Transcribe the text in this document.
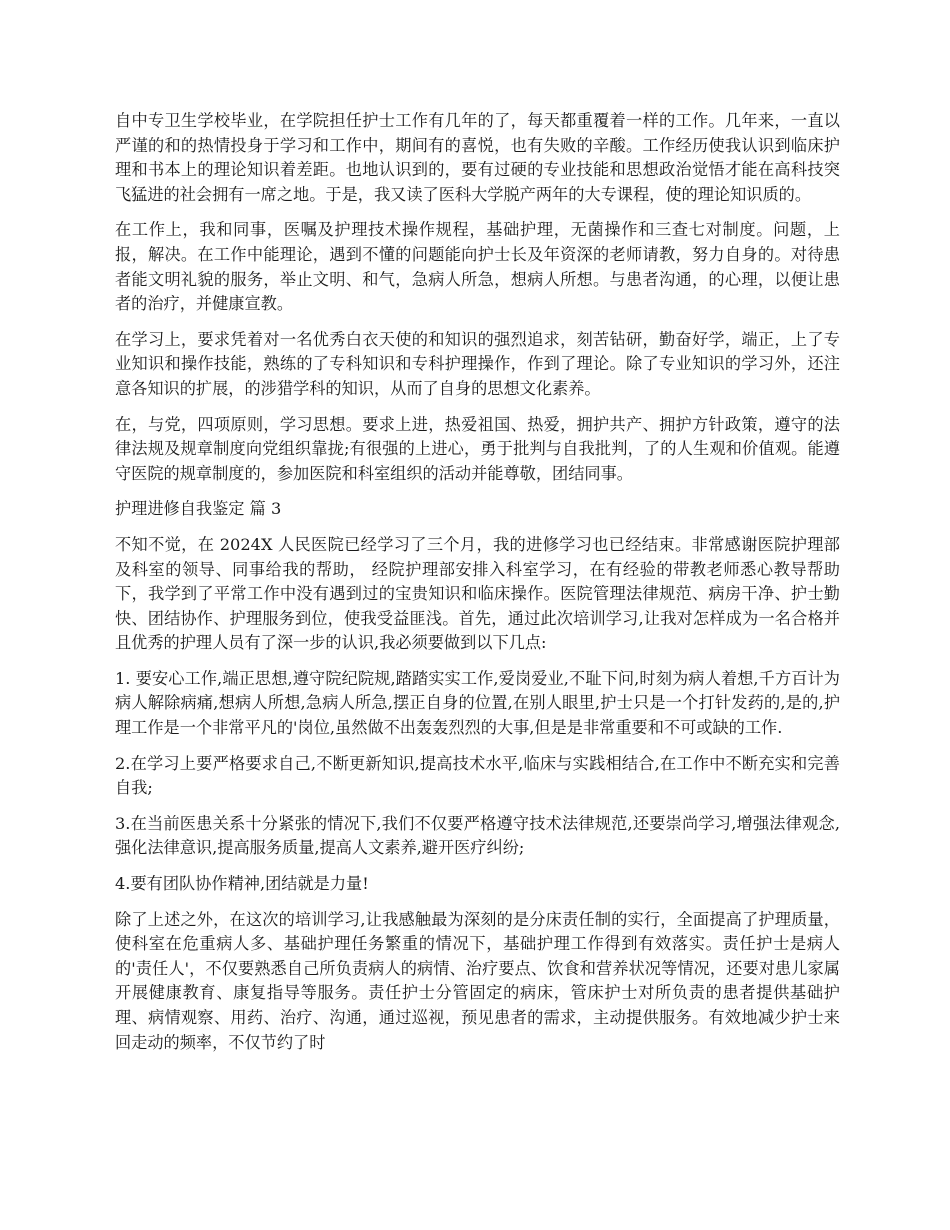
自中专卫生学校毕业，在学院担任护士工作有几年的了，每天都重覆着一样的工作。几年来，一直以严谨的和的热情投身于学习和工作中，期间有的喜悦，也有失败的辛酸。工作经历使我认识到临床护理和书本上的理论知识着差距。也地认识到的，要有过硬的专业技能和思想政治觉悟才能在高科技突飞猛进的社会拥有一席之地。于是，我又读了医科大学脱产两年的大专课程，使的理论知识质的。

在工作上，我和同事，医嘱及护理技术操作规程，基础护理，无菌操作和三查七对制度。问题，上报，解决。在工作中能理论，遇到不懂的问题能向护士长及年资深的老师请教，努力自身的。对待患者能文明礼貌的服务，举止文明、和气，急病人所急，想病人所想。与患者沟通，的心理，以便让患者的治疗，并健康宣教。

在学习上，要求凭着对一名优秀白衣天使的和知识的强烈追求，刻苦钻研，勤奋好学，端正，上了专业知识和操作技能，熟练的了专科知识和专科护理操作，作到了理论。除了专业知识的学习外，还注意各知识的扩展，的涉猎学科的知识，从而了自身的思想文化素养。

在，与党，四项原则，学习思想。要求上进，热爱祖国、热爱，拥护共产、拥护方针政策，遵守的法律法规及规章制度向党组织靠拢;有很强的上进心，勇于批判与自我批判，了的人生观和价值观。能遵守医院的规章制度的，参加医院和科室组织的活动并能尊敬，团结同事。

护理进修自我鉴定 篇 3

不知不觉，在 2024X 人民医院已经学习了三个月，我的进修学习也已经结束。非常感谢医院护理部及科室的领导、同事给我的帮助， 经院护理部安排入科室学习，在有经验的带教老师悉心教导帮助下，我学到了平常工作中没有遇到过的宝贵知识和临床操作。医院管理法律规范、病房干净、护士勤快、团结协作、护理服务到位，使我受益匪浅。首先，通过此次培训学习,让我对怎样成为一名合格并且优秀的护理人员有了深一步的认识,我必须要做到以下几点:

1. 要安心工作,端正思想,遵守院纪院规,踏踏实实工作,爱岗爱业,不耻下问,时刻为病人着想,千方百计为病人解除病痛,想病人所想,急病人所急,摆正自身的位置,在别人眼里,护士只是一个打针发药的,是的,护理工作是一个非常平凡的'岗位,虽然做不出轰轰烈烈的大事,但是是非常重要和不可或缺的工作.

2.在学习上要严格要求自己,不断更新知识,提高技术水平,临床与实践相结合,在工作中不断充实和完善自我;

3.在当前医患关系十分紧张的情况下,我们不仅要严格遵守技术法律规范,还要崇尚学习,增强法律观念,强化法律意识,提高服务质量,提高人文素养,避开医疗纠纷;

4.要有团队协作精神,团结就是力量!

除了上述之外，在这次的培训学习,让我感触最为深刻的是分床责任制的实行，全面提高了护理质量，使科室在危重病人多、基础护理任务繁重的情况下，基础护理工作得到有效落实。责任护士是病人的'责任人'，不仅要熟悉自己所负责病人的病情、治疗要点、饮食和营养状况等情况，还要对患儿家属开展健康教育、康复指导等服务。责任护士分管固定的病床，管床护士对所负责的患者提供基础护理、病情观察、用药、治疗、沟通，通过巡视，预见患者的需求，主动提供服务。有效地减少护士来回走动的频率，不仅节约了时
